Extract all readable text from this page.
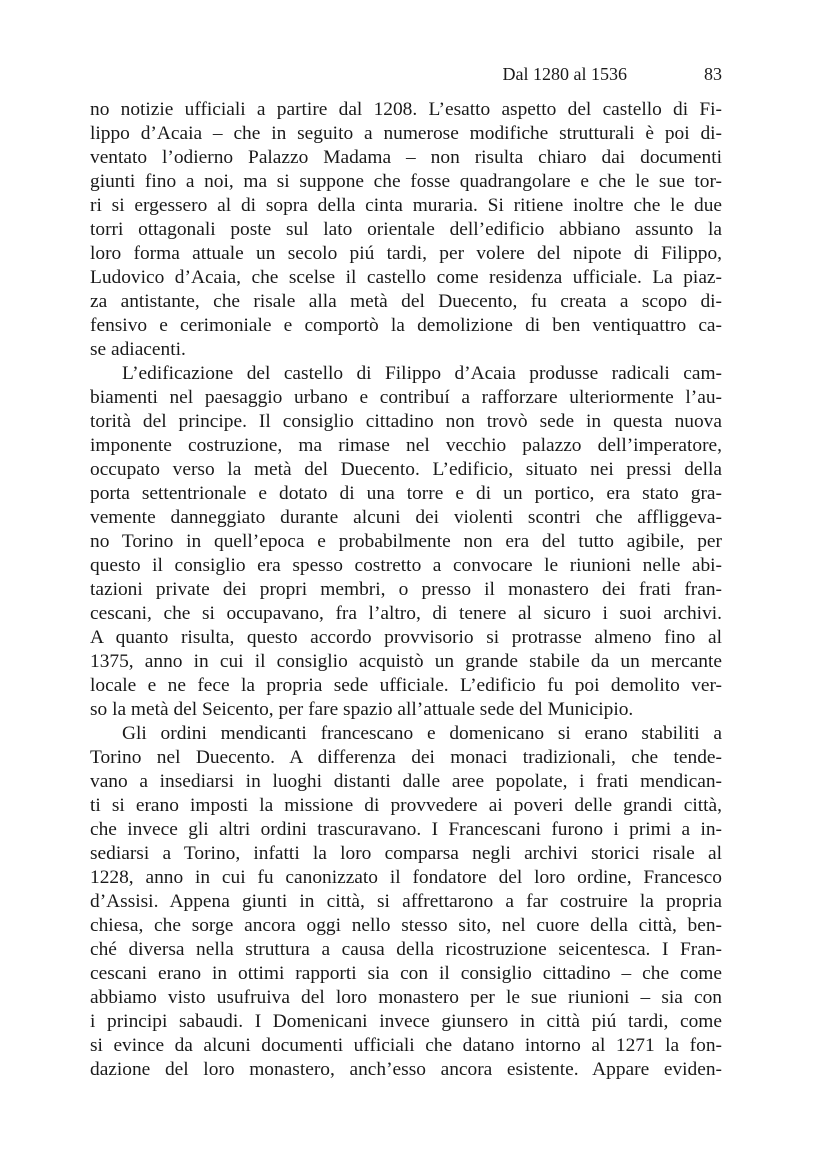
Dal 1280 al 1536	83
no notizie ufficiali a partire dal 1208. L’esatto aspetto del castello di Fi-
lippo d’Acaia – che in seguito a numerose modifiche strutturali è poi di-
ventato l’odierno Palazzo Madama – non risulta chiaro dai documenti
giunti fino a noi, ma si suppone che fosse quadrangolare e che le sue tor-
ri si ergessero al di sopra della cinta muraria. Si ritiene inoltre che le due
torri ottagonali poste sul lato orientale dell’edificio abbiano assunto la
loro forma attuale un secolo piú tardi, per volere del nipote di Filippo,
Ludovico d’Acaia, che scelse il castello come residenza ufficiale. La piaz-
za antistante, che risale alla metà del Duecento, fu creata a scopo di-
fensivo e cerimoniale e comportò la demolizione di ben ventiquattro ca-
se adiacenti.
L’edificazione del castello di Filippo d’Acaia produsse radicali cam-
biamenti nel paesaggio urbano e contribuí a rafforzare ulteriormente l’au-
torità del principe. Il consiglio cittadino non trovò sede in questa nuova
imponente costruzione, ma rimase nel vecchio palazzo dell’imperatore,
occupato verso la metà del Duecento. L’edificio, situato nei pressi della
porta settentrionale e dotato di una torre e di un portico, era stato gra-
vemente danneggiato durante alcuni dei violenti scontri che affliggeva-
no Torino in quell’epoca e probabilmente non era del tutto agibile, per
questo il consiglio era spesso costretto a convocare le riunioni nelle abi-
tazioni private dei propri membri, o presso il monastero dei frati fran-
cescani, che si occupavano, fra l’altro, di tenere al sicuro i suoi archivi.
A quanto risulta, questo accordo provvisorio si protrasse almeno fino al
1375, anno in cui il consiglio acquistò un grande stabile da un mercante
locale e ne fece la propria sede ufficiale. L’edificio fu poi demolito ver-
so la metà del Seicento, per fare spazio all’attuale sede del Municipio.
Gli ordini mendicanti francescano e domenicano si erano stabiliti a
Torino nel Duecento. A differenza dei monaci tradizionali, che tende-
vano a insediarsi in luoghi distanti dalle aree popolate, i frati mendican-
ti si erano imposti la missione di provvedere ai poveri delle grandi città,
che invece gli altri ordini trascuravano. I Francescani furono i primi a in-
sediarsi a Torino, infatti la loro comparsa negli archivi storici risale al
1228, anno in cui fu canonizzato il fondatore del loro ordine, Francesco
d’Assisi. Appena giunti in città, si affrettarono a far costruire la propria
chiesa, che sorge ancora oggi nello stesso sito, nel cuore della città, ben-
ché diversa nella struttura a causa della ricostruzione seicentesca. I Fran-
cescani erano in ottimi rapporti sia con il consiglio cittadino – che come
abbiamo visto usufruiva del loro monastero per le sue riunioni – sia con
i principi sabaudi. I Domenicani invece giunsero in città piú tardi, come
si evince da alcuni documenti ufficiali che datano intorno al 1271 la fon-
dazione del loro monastero, anch’esso ancora esistente. Appare eviden-
